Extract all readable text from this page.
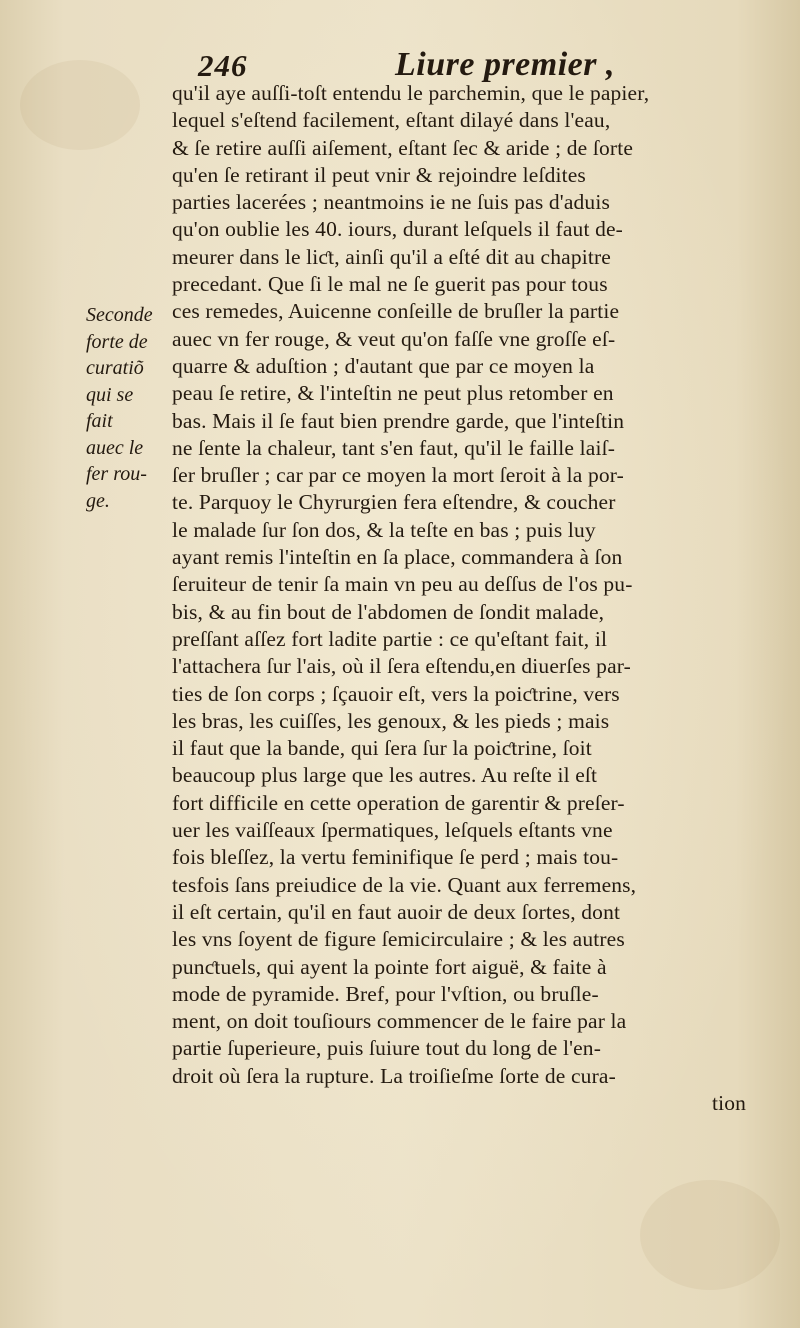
246	Liure premier ,
Seconde
forte de
curatiõ
qui se
fait
auec le
fer rou-
ge.
qu'il aye auſſi-toſt entendu le parchemin, que le papier,
lequel s'eſtend facilement, eſtant dilayé dans l'eau,
& ſe retire auſſi aiſement, eſtant ſec & aride ; de ſorte
qu'en ſe retirant il peut vnir & rejoindre leſdites
parties lacerées ; neantmoins ie ne ſuis pas d'aduis
qu'on oublie les 40. iours, durant leſquels il faut de-
meurer dans le liƈt, ainſi qu'il a eſté dit au chapitre
precedant. Que ſi le mal ne ſe guerit pas pour tous
ces remedes, Auicenne conſeille de bruſler la partie
auec vn fer rouge, & veut qu'on faſſe vne groſſe eſ-
quarre & aduſtion ; d'autant que par ce moyen la
peau ſe retire, & l'inteſtin ne peut plus retomber en
bas. Mais il ſe faut bien prendre garde, que l'inteſtin
ne ſente la chaleur, tant s'en faut, qu'il le faille laiſ-
ſer bruſler ; car par ce moyen la mort ſeroit à la por-
te. Parquoy le Chyrurgien fera eſtendre, & coucher
le malade ſur ſon dos, & la teſte en bas ; puis luy
ayant remis l'inteſtin en ſa place, commandera à ſon
ſeruiteur de tenir ſa main vn peu au deſſus de l'os pu-
bis, & au fin bout de l'abdomen de ſondit malade,
preſſant aſſez fort ladite partie : ce qu'eſtant fait, il
l'attachera ſur l'ais, où il ſera eſtendu,en diuerſes par-
ties de ſon corps ; ſçauoir eſt, vers la poiƈtrine, vers
les bras, les cuiſſes, les genoux, & les pieds ; mais
il faut que la bande, qui ſera ſur la poiƈtrine, ſoit
beaucoup plus large que les autres. Au reſte il eſt
fort difficile en cette operation de garentir & preſer-
uer les vaiſſeaux ſpermatiques, leſquels eſtants vne
fois bleſſez, la vertu feminifique ſe perd ; mais tou-
tesfois ſans preiudice de la vie. Quant aux ferremens,
il eſt certain, qu'il en faut auoir de deux ſortes, dont
les vns ſoyent de figure ſemicirculaire ; & les autres
punƈtuels, qui ayent la pointe fort aiguë, & faite à
mode de pyramide. Bref, pour l'vſtion, ou bruſle-
ment, on doit touſiours commencer de le faire par la
partie ſuperieure, puis ſuiure tout du long de l'en-
droit où ſera la rupture. La troiſieſme ſorte de cura-
tion
